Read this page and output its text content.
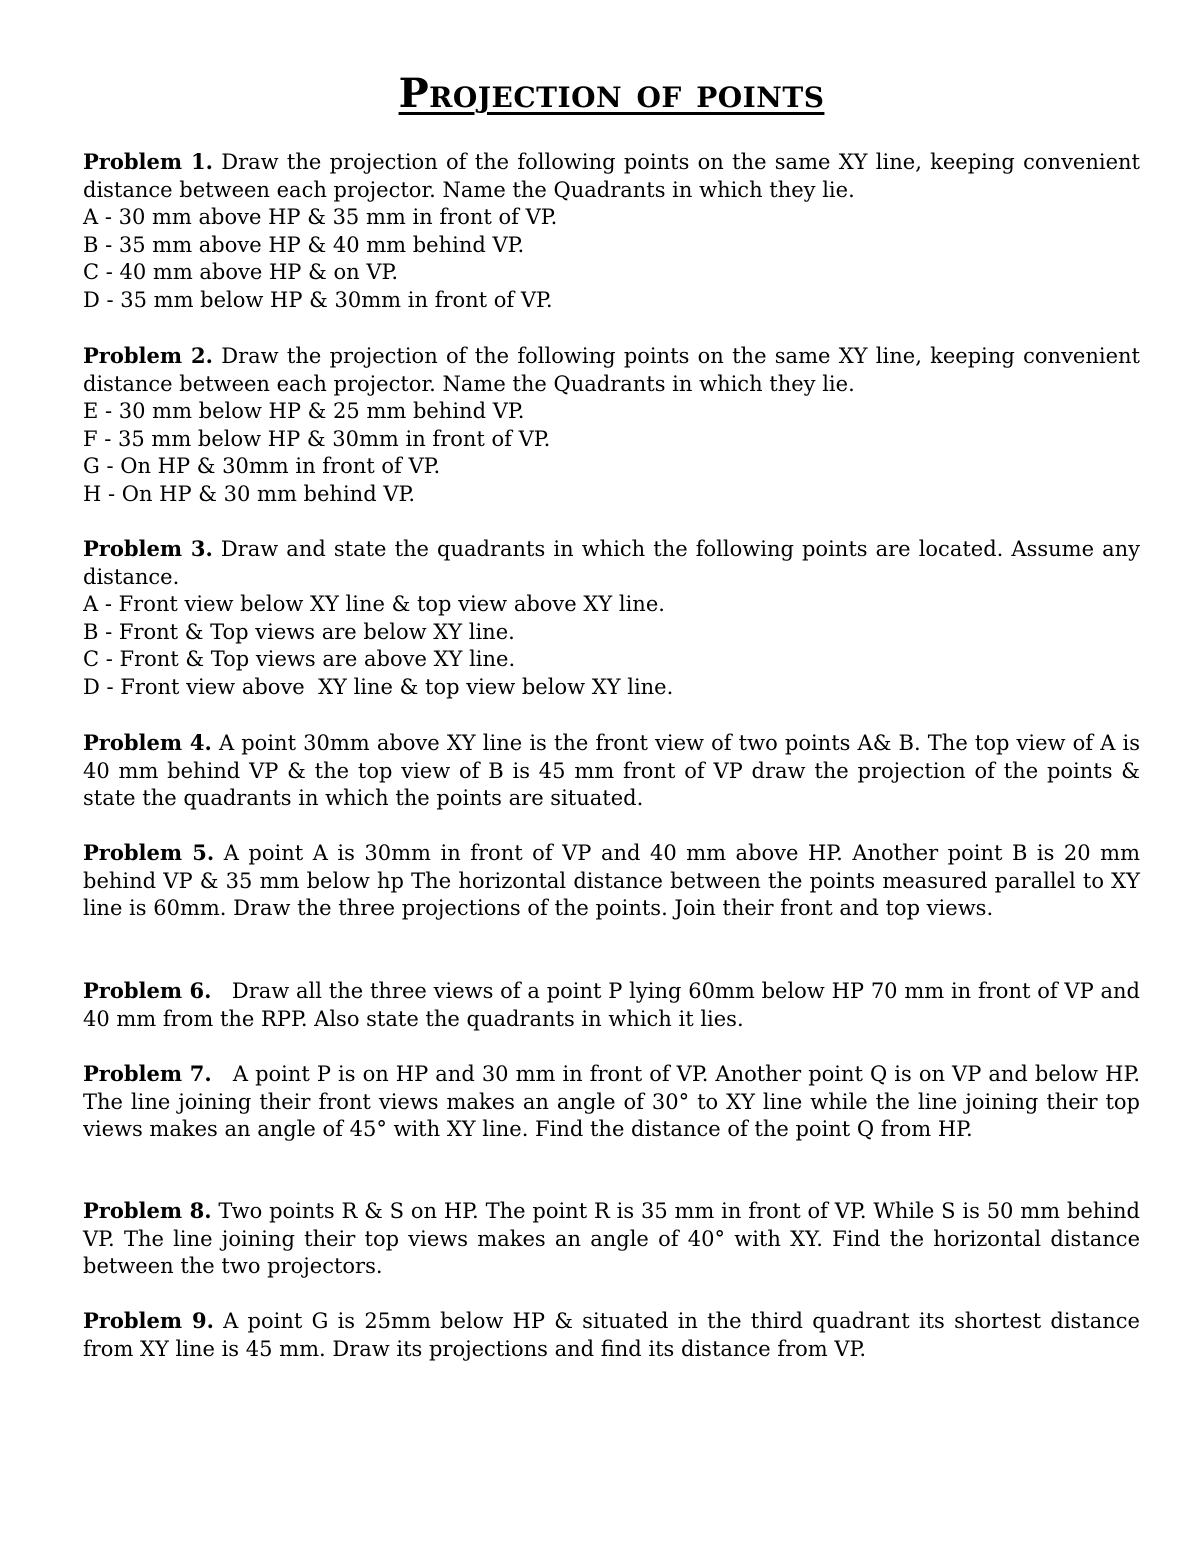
Projection of points

Problem 1. Draw the projection of the following points on the same XY line, keeping convenient distance between each projector. Name the Quadrants in which they lie.

A - 30 mm above HP & 35 mm in front of VP.

B - 35 mm above HP & 40 mm behind VP.

C - 40 mm above HP & on VP.

D - 35 mm below HP & 30mm in front of VP.

Problem 2. Draw the projection of the following points on the same XY line, keeping convenient distance between each projector. Name the Quadrants in which they lie.

E - 30 mm below HP & 25 mm behind VP.

F - 35 mm below HP & 30mm in front of VP.

G - On HP & 30mm in front of VP.

H - On HP & 30 mm behind VP.

Problem 3. Draw and state the quadrants in which the following points are located. Assume any distance.

A - Front view below XY line & top view above XY line.

B - Front & Top views are below XY line.

C - Front & Top views are above XY line.

D - Front view above  XY line & top view below XY line.

Problem 4. A point 30mm above XY line is the front view of two points A& B. The top view of A is 40 mm behind VP & the top view of B is 45 mm front of VP draw the projection of the points & state the quadrants in which the points are situated.

Problem 5. A point A is 30mm in front of VP and 40 mm above HP. Another point B is 20 mm behind VP & 35 mm below hp The horizontal distance between the points measured parallel to XY line is 60mm. Draw the three projections of the points. Join their front and top views.

Problem 6. Draw all the three views of a point P lying 60mm below HP 70 mm in front of VP and 40 mm from the RPP. Also state the quadrants in which it lies.

Problem 7. A point P is on HP and 30 mm in front of VP. Another point Q is on VP and below HP. The line joining their front views makes an angle of 30° to XY line while the line joining their top views makes an angle of 45° with XY line. Find the distance of the point Q from HP.

Problem 8. Two points R & S on HP. The point R is 35 mm in front of VP. While S is 50 mm behind VP. The line joining their top views makes an angle of 40° with XY. Find the horizontal distance between the two projectors.

Problem 9. A point G is 25mm below HP & situated in the third quadrant its shortest distance from XY line is 45 mm. Draw its projections and find its distance from VP.
